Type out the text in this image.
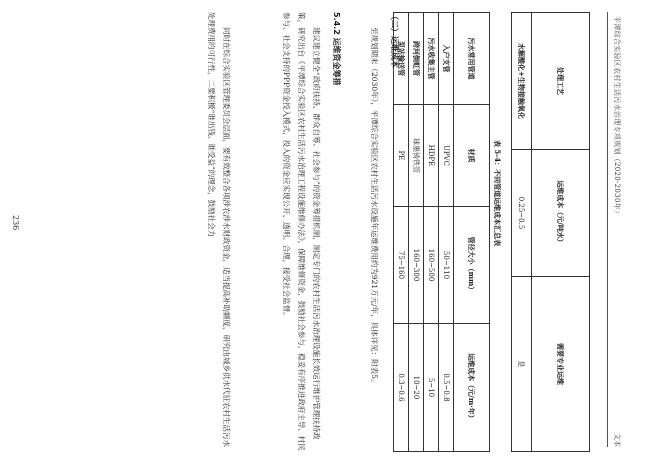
平潭综合实验区农村生活污水治理专项规划（2020-2030年）
文本
处理工艺	运维成本（元/吨水）	需要专业运维
水解酸化+生物接触氧化	0.25~0.5	是
表 5-4：不同管道运维成本汇总表
污水常用管道	材质	管径大小（mm）	运维成本（元/m·年）
入户支管	UPVC	50~110	0.5~0.8
污水收集主管	HDPE	160~500	5~10
跨河倒虹管	球墨铸铁管	160~300	10~20
泵站输送管	PE	75~160	0.3~0.6
（二）运维成本
至规划期末（2030年），平潭综合实验区农村生活污水设施年运维费用约为921万元/年，具体详见：附表5。
5.4.2 运维资金筹措
建议建立健全“政府扶持、群众自筹、社会参与”的资金筹措机制，制定专门的农村生活污水治理设施长效运行维护管理扶持政策，研究出台《平潭综合实验区农村生活污水治理工程设施维修办法》，保障维修资金，鼓励社会参与，稳妥有序推进政府主导、村民参与、社会支持的PPP资金投入模式，投入的资金应实现公开、透明、合理，接受社会监督。
同时在综合实验区管理委员会层面，要有效整合各项涉农涉水财政资金，适当提高补助额度，研究由城乡供水代征农村生活污水处理费用的可行性，二要积极“谁出钱、谁受益”的理念，鼓励社会力
236
